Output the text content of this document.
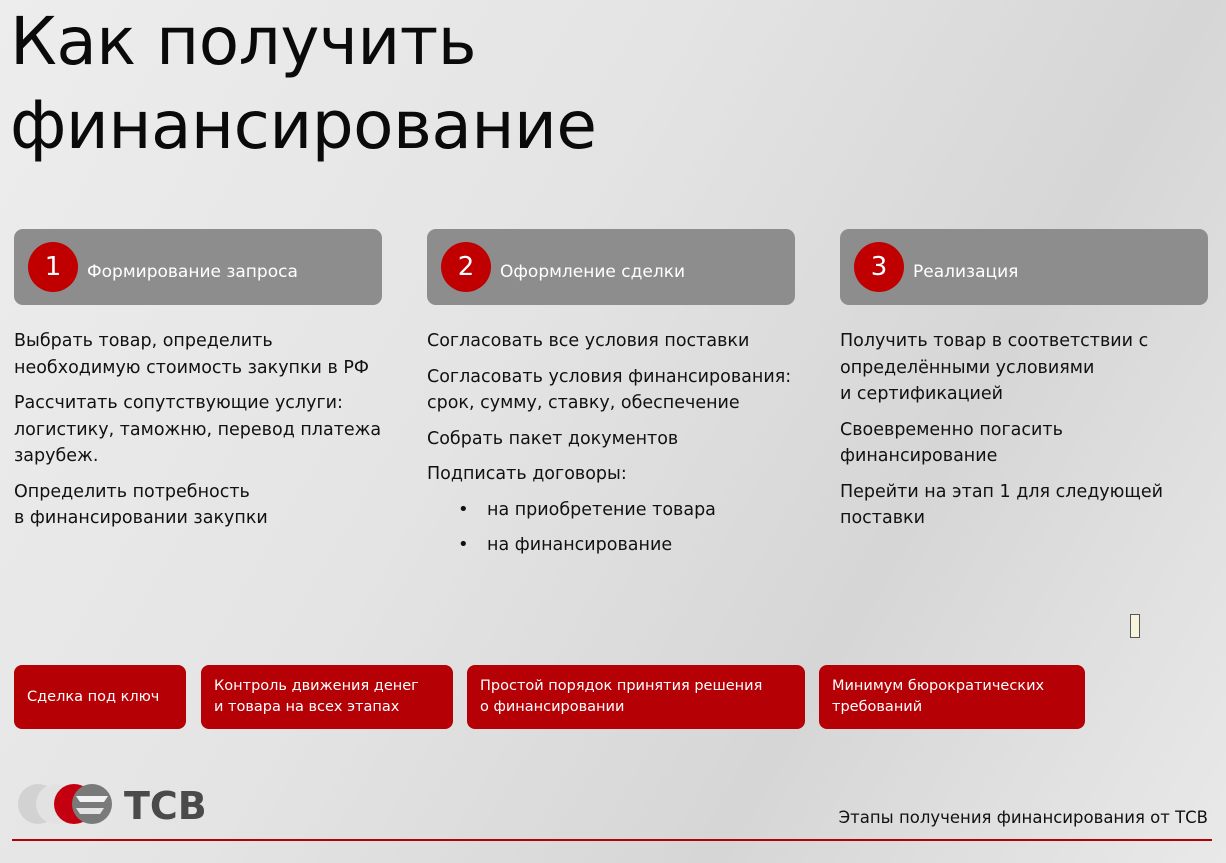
Как получить
финансирование
1	Формирование запроса

Выбрать товар, определить
необходимую стоимость закупки в РФ

Рассчитать сопутствующие услуги:
логистику, таможню, перевод платежа
зарубеж.

Определить потребность
в финансировании закупки

2	Оформление сделки

Согласовать все условия поставки

Согласовать условия финансирования:
срок, сумму, ставку, обеспечение

Собрать пакет документов

Подписать договоры:

• на приобретение товара
• на финансирование
3	Реализация

Получить товар в соответствии с
определёнными условиями
и сертификацией

Своевременно погасить
финансирование

Перейти на этап 1 для следующей
поставки

Сделка под ключ
Контроль движения денег
и товара на всех этапах
Простой порядок принятия решения
о финансировании
Минимум бюрократических
требований
ТСВ	Этапы получения финансирования от ТСВ
